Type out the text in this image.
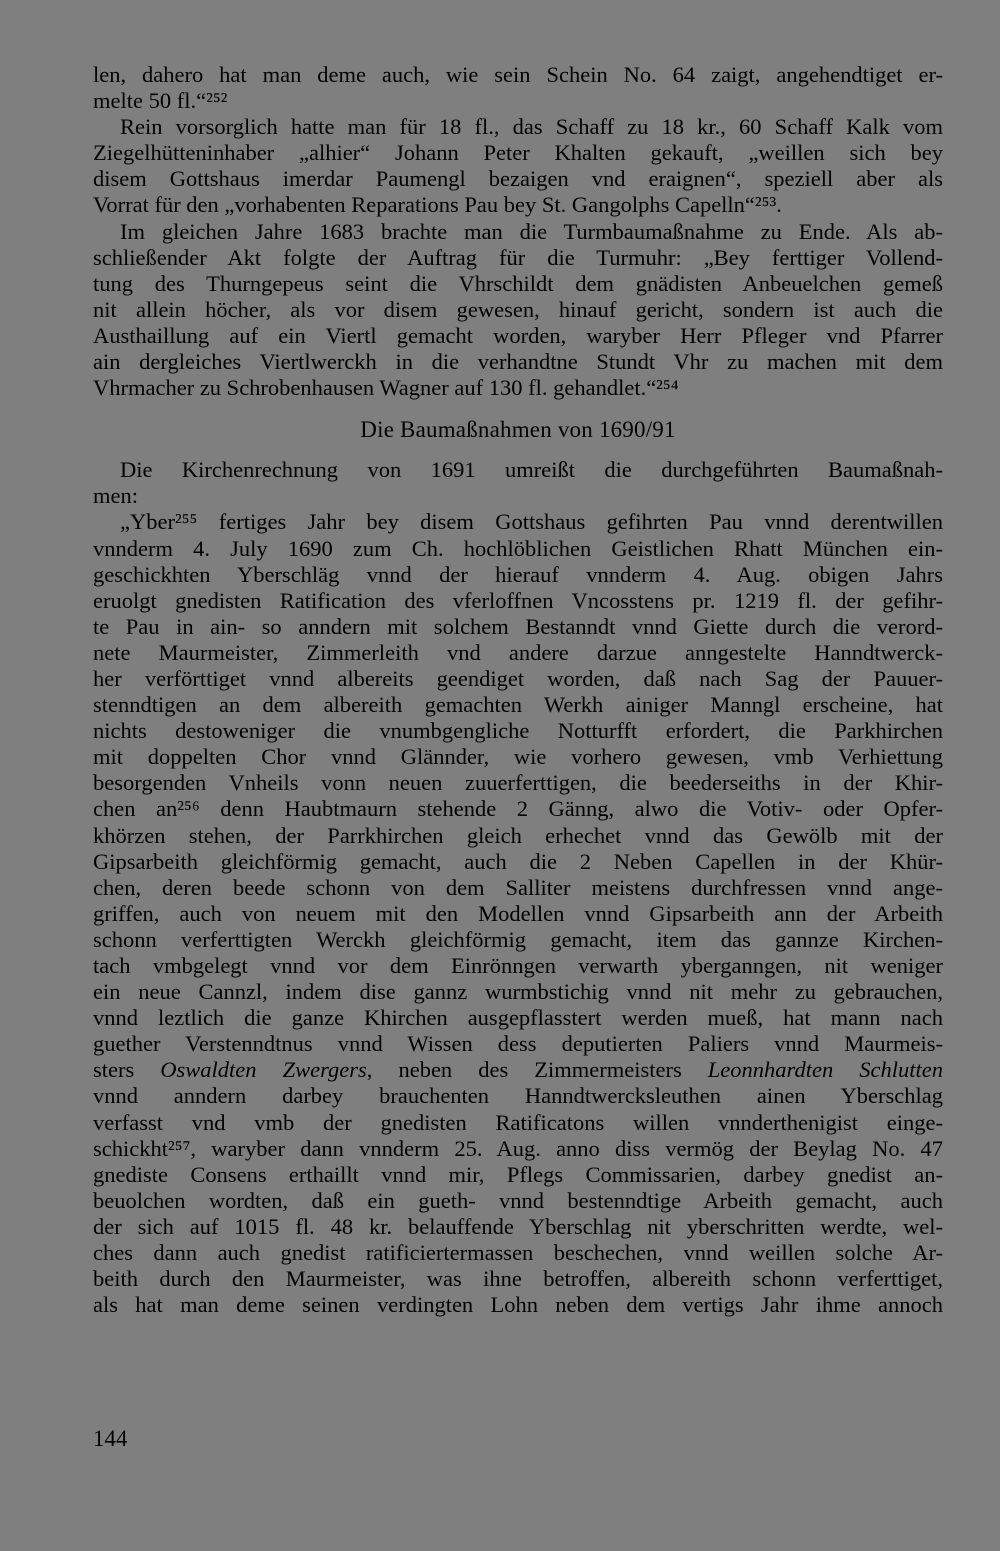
len, dahero hat man deme auch, wie sein Schein No. 64 zaigt, angehendtiget er-
melte 50 fl.“²⁵²
Rein vorsorglich hatte man für 18 fl., das Schaff zu 18 kr., 60 Schaff Kalk vom
Ziegelhütteninhaber „alhier“ Johann Peter Khalten gekauft, „weillen sich bey
disem Gottshaus imerdar Paumengl bezaigen vnd eraignen“, speziell aber als
Vorrat für den „vorhabenten Reparations Pau bey St. Gangolphs Capelln“²⁵³.
Im gleichen Jahre 1683 brachte man die Turmbaumaßnahme zu Ende. Als ab-
schließender Akt folgte der Auftrag für die Turmuhr: „Bey ferttiger Vollend-
tung des Thurngepeus seint die Vhrschildt dem gnädisten Anbeuelchen gemeß
nit allein höcher, als vor disem gewesen, hinauf gericht, sondern ist auch die
Austhaillung auf ein Viertl gemacht worden, waryber Herr Pfleger vnd Pfarrer
ain dergleiches Viertlwerckh in die verhandtne Stundt Vhr zu machen mit dem
Vhrmacher zu Schrobenhausen Wagner auf 130 fl. gehandlet.“²⁵⁴
Die Baumaßnahmen von 1690/91
Die Kirchenrechnung von 1691 umreißt die durchgeführten Baumaßnah-
men:
„Yber²⁵⁵ fertiges Jahr bey disem Gottshaus gefihrten Pau vnnd derentwillen
vnnderm 4. July 1690 zum Ch. hochlöblichen Geistlichen Rhatt München ein-
geschickhten Yberschläg vnnd der hierauf vnnderm 4. Aug. obigen Jahrs
eruolgt gnedisten Ratification des vferloffnen Vncosstens pr. 1219 fl. der gefihr-
te Pau in ain- so anndern mit solchem Bestanndt vnnd Giette durch die verord-
nete Maurmeister, Zimmerleith vnd andere darzue anngestelte Hanndtwerck-
her verförttiget vnnd albereits geendiget worden, daß nach Sag der Pauuer-
stenndtigen an dem albereith gemachten Werkh ainiger Manngl erscheine, hat
nichts destoweniger die vnumbgengliche Notturfft erfordert, die Parkhirchen
mit doppelten Chor vnnd Glännder, wie vorhero gewesen, vmb Verhiettung
besorgenden Vnheils vonn neuen zuuerferttigen, die beederseiths in der Khir-
chen an²⁵⁶ denn Haubtmaurn stehende 2 Gänng, alwo die Votiv- oder Opfer-
khörzen stehen, der Parrkhirchen gleich erhechet vnnd das Gewölb mit der
Gipsarbeith gleichförmig gemacht, auch die 2 Neben Capellen in der Khür-
chen, deren beede schonn von dem Salliter meistens durchfressen vnnd ange-
griffen, auch von neuem mit den Modellen vnnd Gipsarbeith ann der Arbeith
schonn verferttigten Werckh gleichförmig gemacht, item das gannze Kirchen-
tach vmbgelegt vnnd vor dem Einrönngen verwarth yberganngen, nit weniger
ein neue Cannzl, indem dise gannz wurmbstichig vnnd nit mehr zu gebrauchen,
vnnd leztlich die ganze Khirchen ausgepflasstert werden mueß, hat mann nach
guether Verstenndtnus vnnd Wissen dess deputierten Paliers vnnd Maurmeis-
sters Oswaldten Zwergers, neben des Zimmermeisters Leonnhardten Schlutten
vnnd anndern darbey brauchenten Hanndtwercksleuthen ainen Yberschlag
verfasst vnd vmb der gnedisten Ratificatons willen vnnderthenigist einge-
schickht²⁵⁷, waryber dann vnnderm 25. Aug. anno diss vermög der Beylag No. 47
gnediste Consens erthaillt vnnd mir, Pflegs Commissarien, darbey gnedist an-
beuolchen wordten, daß ein gueth- vnnd bestenndtige Arbeith gemacht, auch
der sich auf 1015 fl. 48 kr. belauffende Yberschlag nit yberschritten werdte, wel-
ches dann auch gnedist ratificiertermassen beschechen, vnnd weillen solche Ar-
beith durch den Maurmeister, was ihne betroffen, albereith schonn verferttiget,
als hat man deme seinen verdingten Lohn neben dem vertigs Jahr ihme annoch
144
